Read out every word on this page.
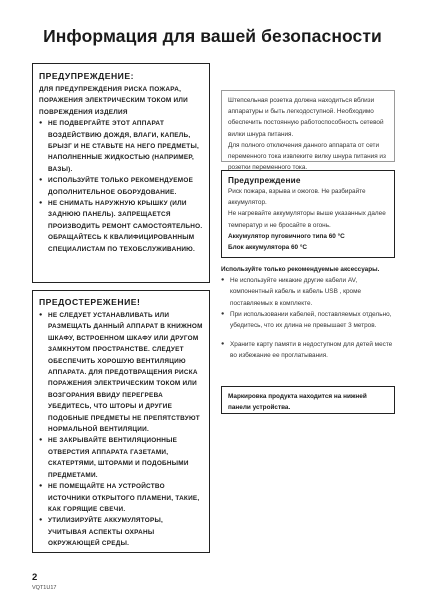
Информация для вашей безопасности
ПРЕДУПРЕЖДЕНИЕ:
ДЛЯ ПРЕДУПРЕЖДЕНИЯ РИСКА ПОЖАРА, ПОРАЖЕНИЯ ЭЛЕКТРИЧЕСКИМ ТОКОМ ИЛИ ПОВРЕЖДЕНИЯ ИЗДЕЛИЯ
● НЕ ПОДВЕРГАЙТЕ ЭТОТ АППАРАТ ВОЗДЕЙСТВИЮ ДОЖДЯ, ВЛАГИ, КАПЕЛЬ, БРЫЗГ И НЕ СТАВЬТЕ НА НЕГО ПРЕДМЕТЫ, НАПОЛНЕННЫЕ ЖИДКОСТЬЮ (НАПРИМЕР, ВАЗЫ).
● ИСПОЛЬЗУЙТЕ ТОЛЬКО РЕКОМЕНДУЕМОЕ ДОПОЛНИТЕЛЬНОЕ ОБОРУДОВАНИЕ.
● НЕ СНИМАТЬ НАРУЖНУЮ КРЫШКУ (ИЛИ ЗАДНЮЮ ПАНЕЛЬ). ЗАПРЕЩАЕТСЯ ПРОИЗВОДИТЬ РЕМОНТ САМОСТОЯТЕЛЬНО. ОБРАЩАЙТЕСЬ К КВАЛИФИЦИРОВАННЫМ СПЕЦИАЛИСТАМ ПО ТЕХОБСЛУЖИВАНИЮ.
ПРЕДОСТЕРЕЖЕНИЕ!
● НЕ СЛЕДУЕТ УСТАНАВЛИВАТЬ ИЛИ РАЗМЕЩАТЬ ДАННЫЙ АППАРАТ В КНИЖНОМ ШКАФУ, ВСТРОЕННОМ ШКАФУ ИЛИ ДРУГОМ ЗАМКНУТОМ ПРОСТРАНСТВЕ. СЛЕДУЕТ ОБЕСПЕЧИТЬ ХОРОШУЮ ВЕНТИЛЯЦИЮ АППАРАТА. ДЛЯ ПРЕДОТВРАЩЕНИЯ РИСКА ПОРАЖЕНИЯ ЭЛЕКТРИЧЕСКИМ ТОКОМ ИЛИ ВОЗГОРАНИЯ ВВИДУ ПЕРЕГРЕВА УБЕДИТЕСЬ, ЧТО ШТОРЫ И ДРУГИЕ ПОДОБНЫЕ ПРЕДМЕТЫ НЕ ПРЕПЯТСТВУЮТ НОРМАЛЬНОЙ ВЕНТИЛЯЦИИ.
● НЕ ЗАКРЫВАЙТЕ ВЕНТИЛЯЦИОННЫЕ ОТВЕРСТИЯ АППАРАТА ГАЗЕТАМИ, СКАТЕРТЯМИ, ШТОРАМИ И ПОДОБНЫМИ ПРЕДМЕТАМИ.
● НЕ ПОМЕЩАЙТЕ НА УСТРОЙСТВО ИСТОЧНИКИ ОТКРЫТОГО ПЛАМЕНИ, ТАКИЕ, КАК ГОРЯЩИЕ СВЕЧИ.
● УТИЛИЗИРУЙТЕ АККУМУЛЯТОРЫ, УЧИТЫВАЯ АСПЕКТЫ ОХРАНЫ ОКРУЖАЮЩЕЙ СРЕДЫ.
Штепсельная розетка должна находиться вблизи аппаратуры и быть легкодоступной. Необходимо обеспечить постоянную работоспособность сетевой вилки шнура питания.
Для полного отключения данного аппарата от сети переменного тока извлеките вилку шнура питания из розетки переменного тока.
Предупреждение
Риск пожара, взрыва и ожогов. Не разбирайте аккумулятор.
Не нагревайте аккумуляторы выше указанных далее температур и не бросайте в огонь.
Аккумулятор пуговичного типа 60 °C
Блок аккумулятора 60 °C
Используйте только рекомендуемые аксессуары.
● Не используйте никакие другие кабели AV, компонентный кабель и кабель USB , кроме поставляемых в комплекте.
● При использовании кабелей, поставляемых отдельно, убедитесь, что их длина не превышает 3 метров.
● Храните карту памяти в недоступном для детей месте во избежание ее проглатывания.
Маркировка продукта находится на нижней панели устройства.
2
VQT1U17
